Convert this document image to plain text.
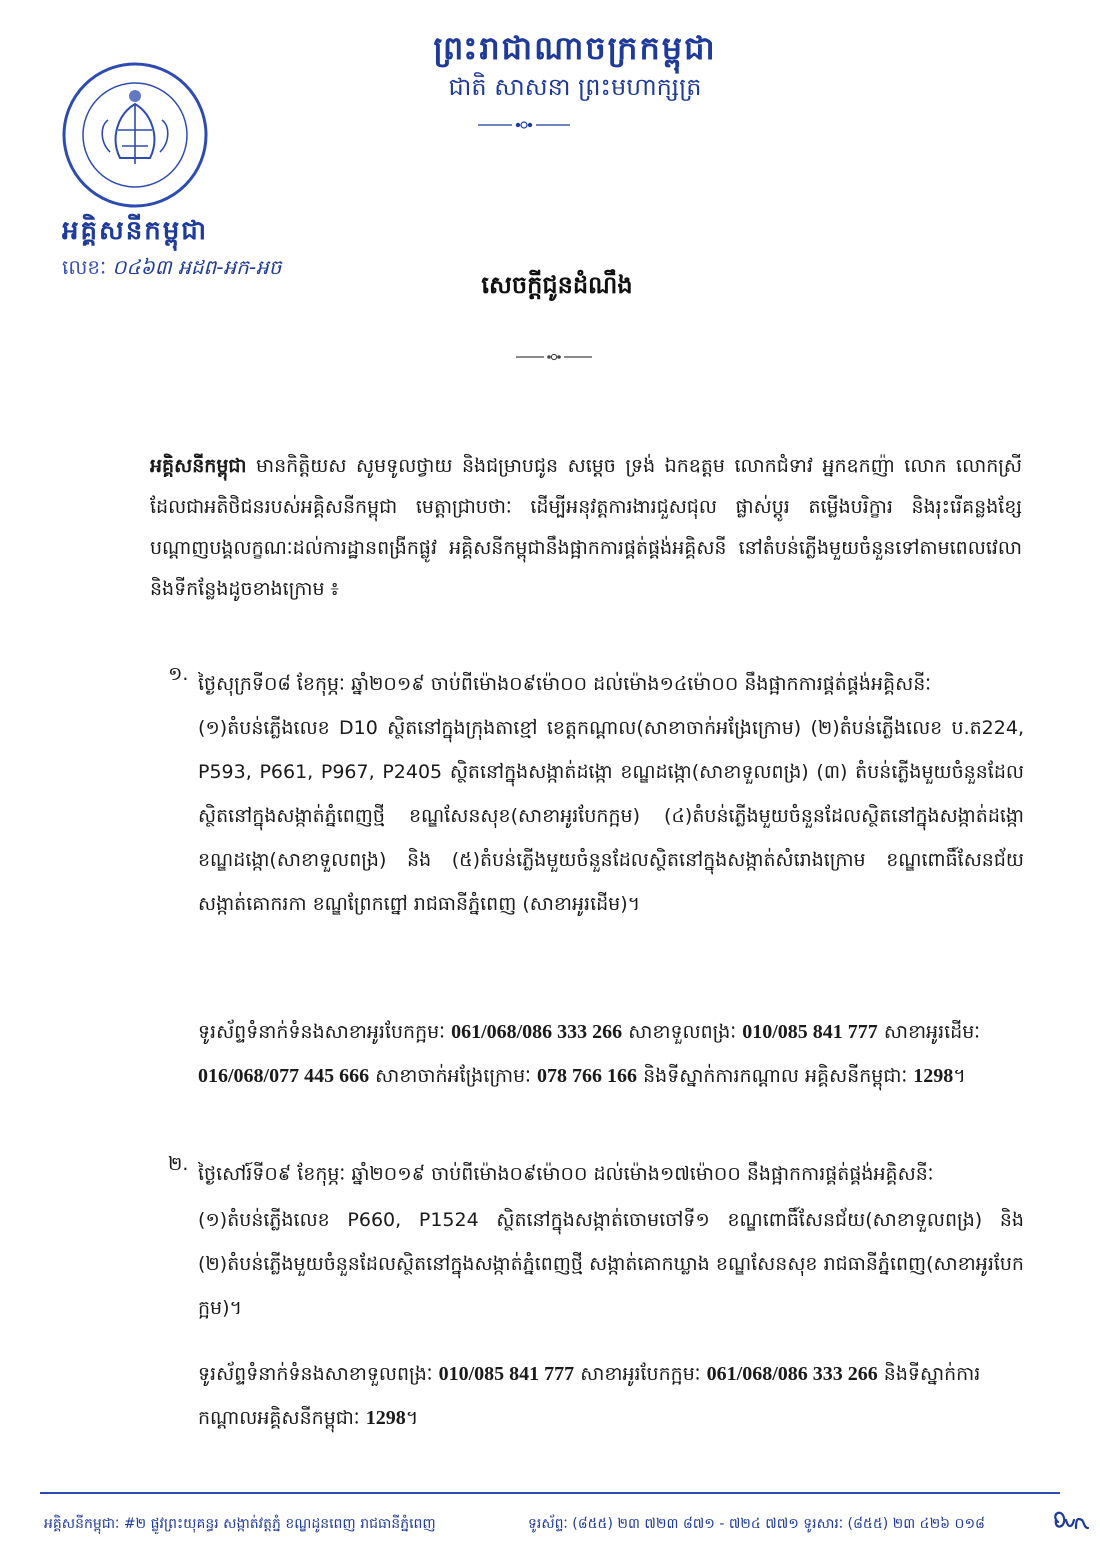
ព្រះរាជាណាចក្រកម្ពុជា
ជាតិ សាសនា ព្រះមហាក្សត្រ
អគ្គិសនីកម្ពុជា
លេខៈ ០៤៦៣ អ​ដ​ព-អក-អ​ច
សេចក្តីជូនដំណឹង
អគ្គិសនីកម្ពុជា មានកិត្តិយស សូមទូលថ្វាយ និងជម្រាបជូន សម្តេច ទ្រង់ ឯកឧត្តម លោកជំទាវ អ្នកឧកញ៉ា លោក លោកស្រី ដែលជាអតិថិជនរបស់អគ្គិសនីកម្ពុជា មេត្តាជ្រាបថាៈ ដើម្បីអនុវត្តការងារជួសជុល ផ្លាស់ប្តូរ តម្លើងបរិក្ខារ និងរុះរើគន្លងខ្សែបណ្តាញបង្គលក្ខណៈដល់ការដ្ឋានពង្រីកផ្លូវ អគ្គិសនីកម្ពុជានឹងផ្អាកការផ្គត់ផ្គង់អគ្គិសនី នៅតំបន់ភ្លើងមួយចំនួនទៅតាមពេលវេលា និងទីកន្លែងដូចខាងក្រោម ៖
១. ថ្ងៃសុក្រទី០៨ ខែកុម្ភៈ ឆ្នាំ២០១៩ ចាប់ពីម៉ោង០៩ម៉ោ០០ ដល់ម៉ោង១៤ម៉ោ០០ នឹងផ្អាកការផ្គត់ផ្គង់អគ្គិសនីៈ
(១)តំបន់ភ្លើងលេខ D10 ស្ថិតនៅក្នុងក្រុងតាខ្មៅ ខេត្តកណ្តាល(សាខាចាក់អង្រែក្រោម) (២)តំបន់ភ្លើងលេខ ប.ត224, P593, P661, P967, P2405 ស្ថិតនៅក្នុងសង្កាត់ដង្កោ ខណ្ឌដង្កោ(សាខាទួលពង្រ) (៣) តំបន់ភ្លើងមួយចំនួនដែលស្ថិតនៅក្នុងសង្កាត់ភ្នំពេញថ្មី ខណ្ឌសែនសុខ(សាខាអូរបែកក្អម) (៤)តំបន់ភ្លើងមួយចំនួនដែលស្ថិតនៅក្នុងសង្កាត់ដង្កោ ខណ្ឌដង្កោ(សាខាទួលពង្រ) និង (៥)តំបន់ភ្លើងមួយចំនួនដែលស្ថិតនៅក្នុងសង្កាត់សំរោងក្រោម ខណ្ឌពោធិ៍សែនជ័យ សង្កាត់គោករកា ខណ្ឌព្រែកព្នៅ រាជធានីភ្នំពេញ (សាខាអូរដើម)។
ទូរស័ព្ទទំនាក់ទំនងសាខាអូរបែកក្អមៈ 061/068/086 333 266 សាខាទួលពង្រៈ 010/085 841 777 សាខាអូរដើមៈ 016/068/077 445 666 សាខាចាក់អង្រែក្រោមៈ 078 766 166 និងទីស្នាក់ការកណ្តាល អគ្គិសនីកម្ពុជាៈ 1298។
២. ថ្ងៃសៅរ៍ទី០៩ ខែកុម្ភៈ ឆ្នាំ២០១៩ ចាប់ពីម៉ោង០៩ម៉ោ០០ ដល់ម៉ោង១៧ម៉ោ០០ នឹងផ្អាកការផ្គត់ផ្គង់អគ្គិសនីៈ
(១)តំបន់ភ្លើងលេខ P660, P1524 ស្ថិតនៅក្នុងសង្កាត់ចោមចៅទី១ ខណ្ឌពោធិ៍សែនជ័យ(សាខាទួលពង្រ) និង (២)តំបន់ភ្លើងមួយចំនួនដែលស្ថិតនៅក្នុងសង្កាត់ភ្នំពេញថ្មី សង្កាត់គោកឃ្លាង ខណ្ឌសែនសុខ រាជធានីភ្នំពេញ(សាខាអូរបែកក្អម)។
ទូរស័ព្ទទំនាក់ទំនងសាខាទួលពង្រៈ 010/085 841 777 សាខាអូរបែកក្អមៈ 061/068/086 333 266 និងទីស្នាក់ការកណ្តាលអគ្គិសនីកម្ពុជាៈ 1298។
អគ្គិសនីកម្ពុជាៈ #២ ផ្លូវព្រះយុគន្ធរ សង្កាត់វត្តភ្នំ ខណ្ឌដូនពេញ រាជធានីភ្នំពេញ	ទូរស័ព្ទៈ (៨៥៥) ២៣ ៧២៣ ៨៧១ - ៧២៤ ៧៧១ ទូរសារៈ (៨៥៥) ២៣ ៤២៦ ០១៨
